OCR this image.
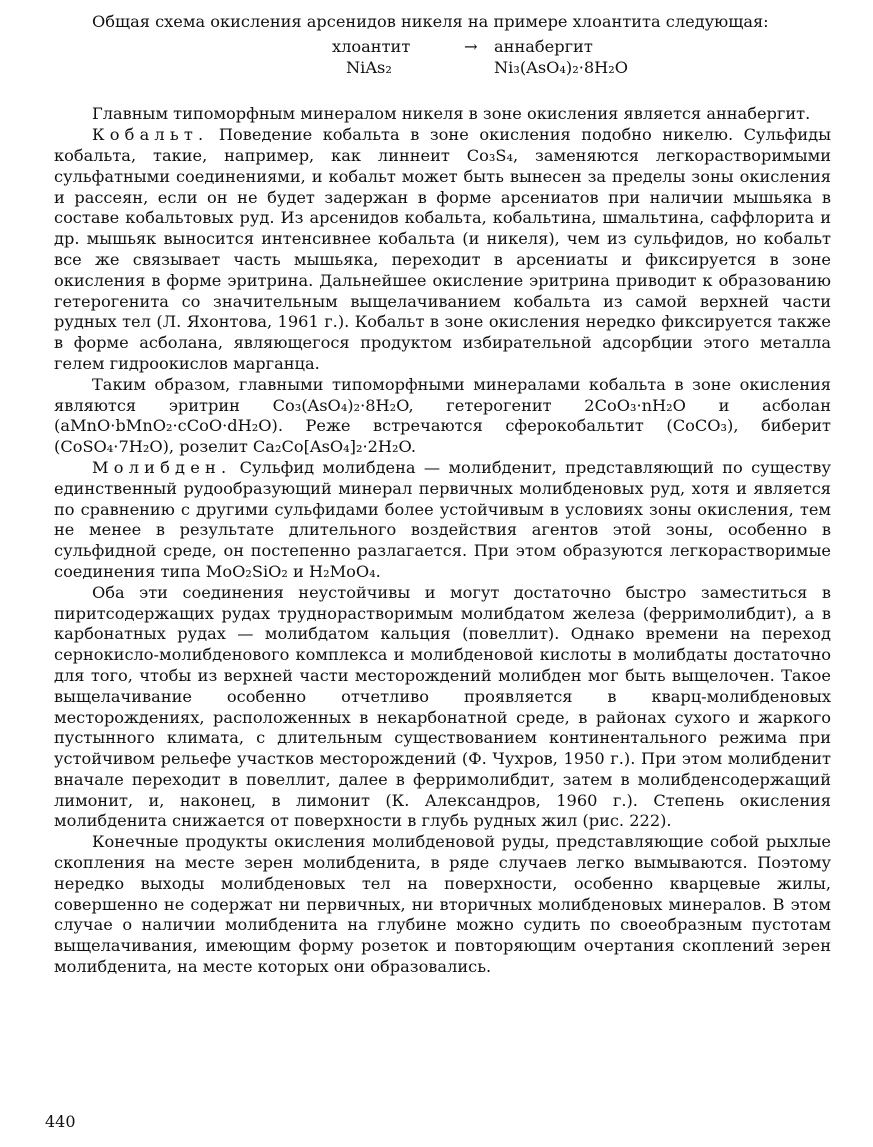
Общая схема окисления арсенидов никеля на примере хлоантита следующая:

хлоантит	→	аннабергит
NiAs₂	Ni₃(AsO₄)₂·8H₂O

Главным типоморфным минералом никеля в зоне окисления является аннабергит.

Кобальт. Поведение кобальта в зоне окисления подобно никелю. Сульфиды кобальта, такие, например, как линнеит Co₃S₄, заменяются легкорастворимыми сульфатными соединениями, и кобальт может быть вынесен за пределы зоны окисления и рассеян, если он не будет задержан в форме арсениатов при наличии мышьяка в составе кобальтовых руд. Из арсенидов кобальта, кобальтина, шмальтина, саффлорита и др. мышьяк выносится интенсивнее кобальта (и никеля), чем из сульфидов, но кобальт все же связывает часть мышьяка, переходит в арсениаты и фиксируется в зоне окисления в форме эритрина. Дальнейшее окисление эритрина приводит к образованию гетерогенита со значительным выщелачиванием кобальта из самой верхней части рудных тел (Л. Яхонтова, 1961 г.). Кобальт в зоне окисления нередко фиксируется также в форме асболана, являющегося продуктом избирательной адсорбции этого металла гелем гидроокислов марганца.

Таким образом, главными типоморфными минералами кобальта в зоне окисления являются эритрин Co₃(AsO₄)₂·8H₂O, гетерогенит 2CoO₃·nH₂O и асболан (aMnO·bMnO₂·cCoO·dH₂O). Реже встречаются сферокобальтит (CoCO₃), биберит (CoSO₄·7H₂O), розелит Ca₂Co[AsO₄]₂·2H₂O.

Молибден. Сульфид молибдена — молибденит, представляющий по существу единственный рудообразующий минерал первичных молибденовых руд, хотя и является по сравнению с другими сульфидами более устойчивым в условиях зоны окисления, тем не менее в результате длительного воздействия агентов этой зоны, особенно в сульфидной среде, он постепенно разлагается. При этом образуются легкорастворимые соединения типа MoO₂SiO₂ и H₂MoO₄.

Оба эти соединения неустойчивы и могут достаточно быстро заместиться в пиритсодержащих рудах труднорастворимым молибдатом железа (ферримолибдит), а в карбонатных рудах — молибдатом кальция (повеллит). Однако времени на переход сернокисло-молибденового комплекса и молибденовой кислоты в молибдаты достаточно для того, чтобы из верхней части месторождений молибден мог быть выщелочен. Такое выщелачивание особенно отчетливо проявляется в кварц-молибденовых месторождениях, расположенных в некарбонатной среде, в районах сухого и жаркого пустынного климата, с длительным существованием континентального режима при устойчивом рельефе участков месторождений (Ф. Чухров, 1950 г.). При этом молибденит вначале переходит в повеллит, далее в ферримолибдит, затем в молибденсодержащий лимонит, и, наконец, в лимонит (К. Александров, 1960 г.). Степень окисления молибденита снижается от поверхности в глубь рудных жил (рис. 222).

Конечные продукты окисления молибденовой руды, представляющие собой рыхлые скопления на месте зерен молибденита, в ряде случаев легко вымываются. Поэтому нередко выходы молибденовых тел на поверхности, особенно кварцевые жилы, совершенно не содержат ни первичных, ни вторичных молибденовых минералов. В этом случае о наличии молибденита на глубине можно судить по своеобразным пустотам выщелачивания, имеющим форму розеток и повторяющим очертания скоплений зерен молибденита, на месте которых они образовались.

440
